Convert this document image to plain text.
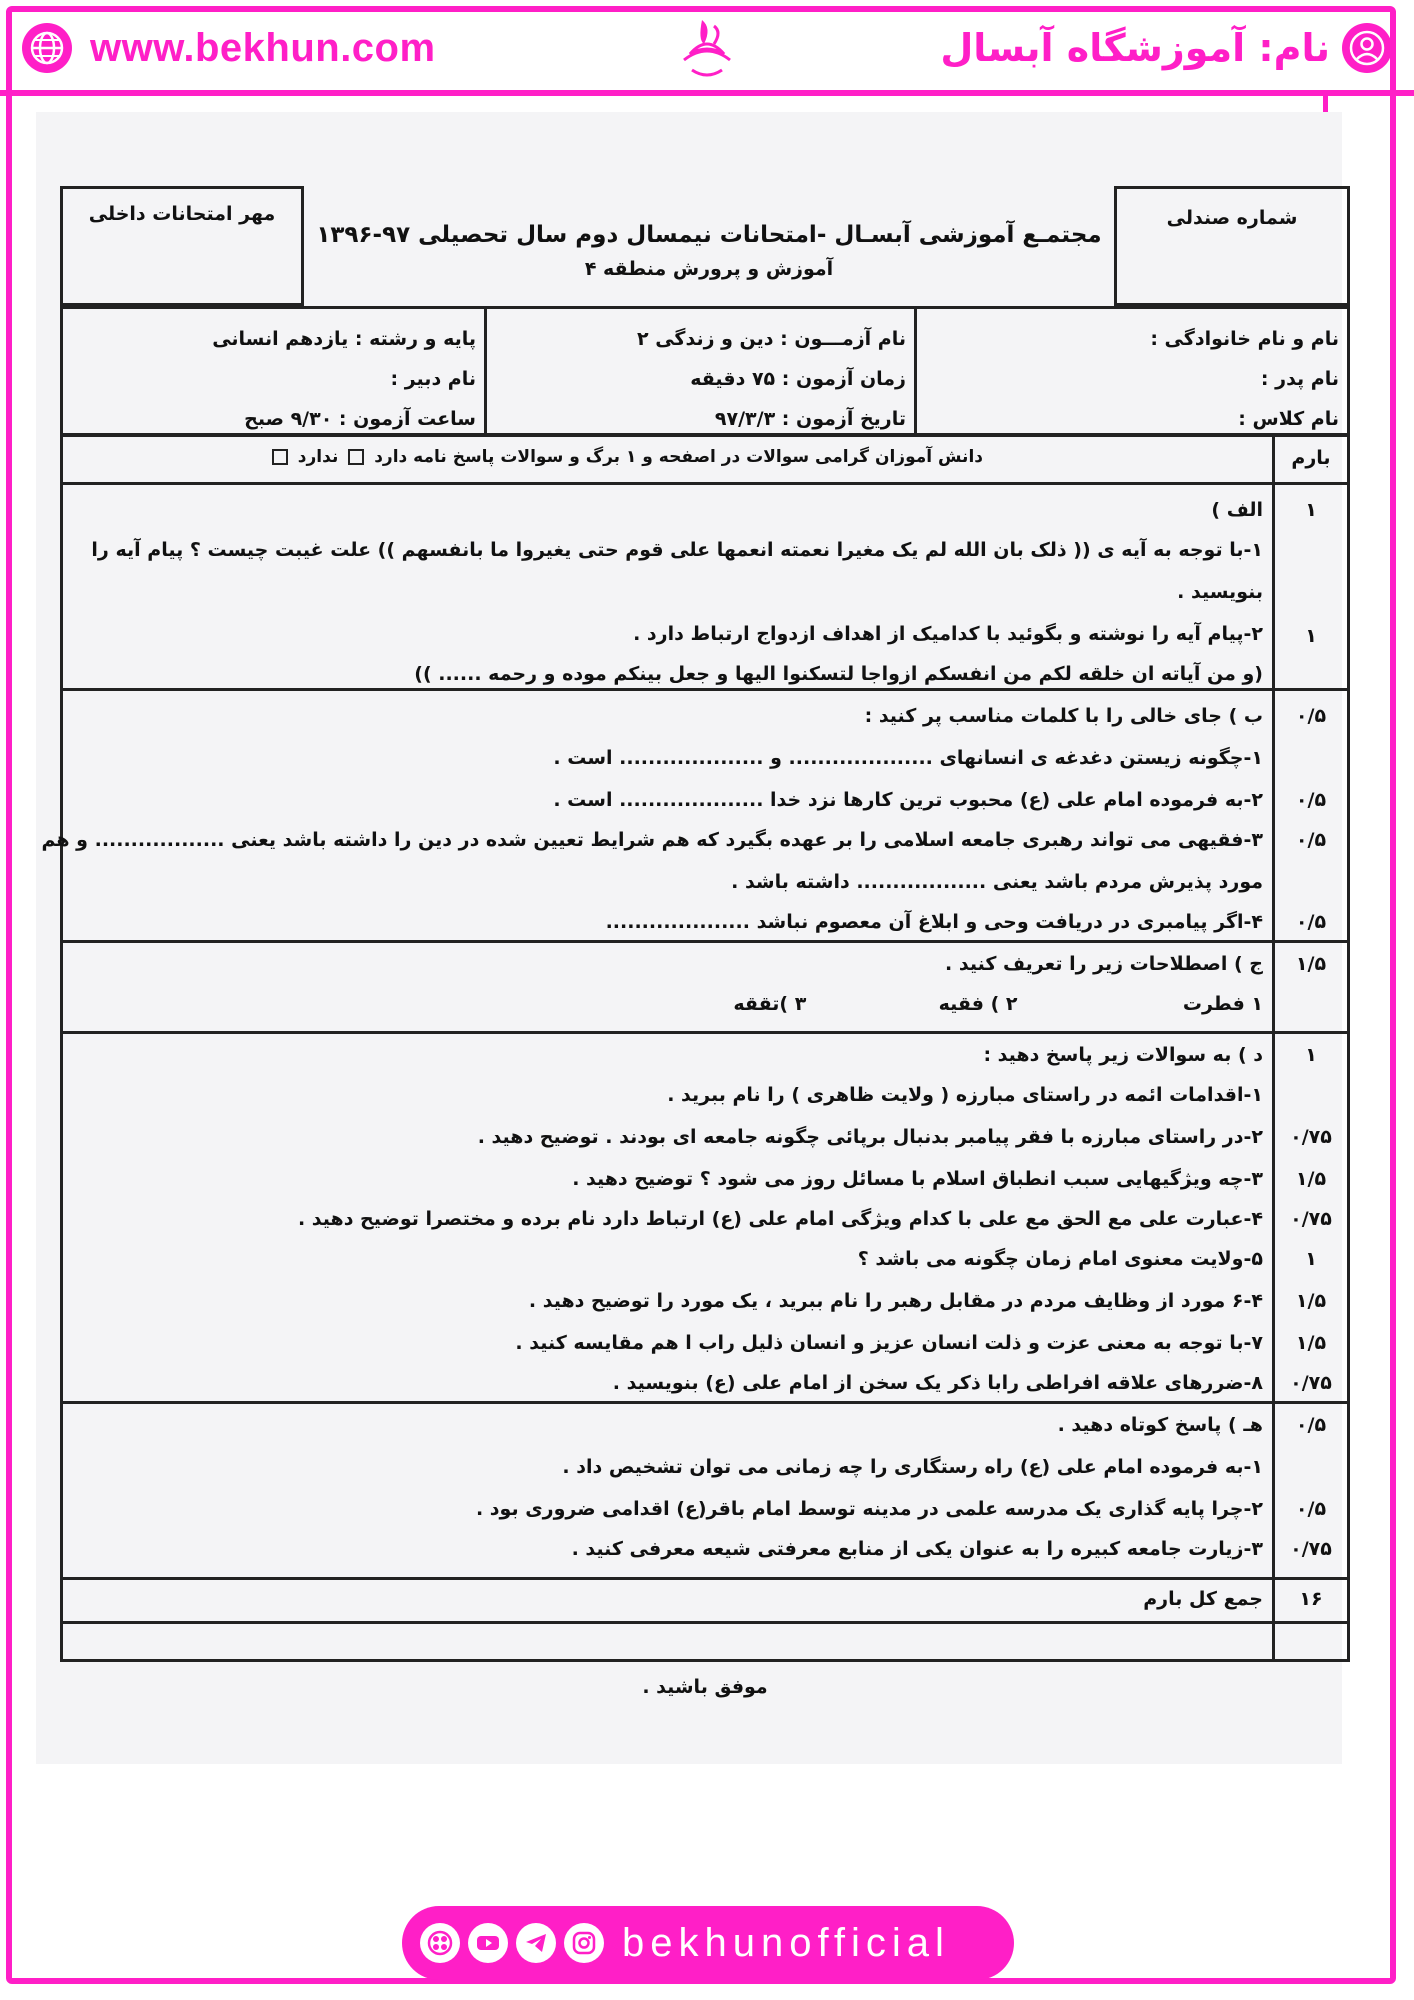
www.bekhun.com	نام: آموزشگاه آبسال
شماره صندلی
مجتمـع آموزشی آبسـال -امتحانات نیمسال دوم سال تحصیلی ۹۷-۱۳۹۶
آموزش و پرورش منطقه ۴
مهر امتحانات داخلی
نام و نام خانوادگی :
نام پدر :
نام کلاس :
نام آزمـــون : دین و زندگی ۲
زمان آزمون : ۷۵ دقیقه
تاریخ آزمون : ۹۷/۳/۳
پایه و رشته : یازدهم انسانی
نام دبیر :
ساعت آزمون : ۹/۳۰ صبح
بارم
دانش آموزان گرامی سوالات در اصفحه و ۱ برگ و سوالات پاسخ نامه دارد  ندارد
۱
۱
الف )
۱-با توجه به آیه ی (( ذلک بان الله لم یک مغیرا نعمته انعمها علی قوم حتی یغیروا ما بانفسهم )) علت غیبت چیست ؟ پیام آیه را
بنویسید .
۲-پیام آیه را نوشته و بگوئید با کدامیک از اهداف ازدواج ارتباط دارد .
(و من آیاته ان خلقه لکم من انفسکم ازواجا لتسکنوا الیها و جعل بینکم موده و رحمه ...... ))
۰/۵
۰/۵
۰/۵
۰/۵
ب ) جای خالی را با کلمات مناسب پر کنید :
۱-چگونه زیستن دغدغه ی انسانهای .................... و .................... است .
۲-به فرموده امام علی (ع) محبوب ترین کارها نزد خدا .................... است .
۳-فقیهی می تواند رهبری جامعه اسلامی را بر عهده بگیرد که هم شرایط تعیین شده در دین را داشته باشد یعنی .................. و هم
مورد پذیرش مردم باشد یعنی .................. داشته باشد .
۴-اگر پیامبری در دریافت وحی و ابلاغ آن معصوم نباشد ....................
۱/۵
ج ) اصطلاحات زیر را تعریف کنید .
۱ فطرت                         ۲ ) فقیه                    ۳ )تققه
۱
۰/۷۵
۱/۵
۰/۷۵
۱
۱/۵
۱/۵
۰/۷۵
د ) به سوالات زیر پاسخ دهید :
۱-اقدامات ائمه در راستای مبارزه ( ولایت ظاهری ) را نام ببرید .
۲-در راستای مبارزه با فقر پیامبر بدنبال برپائی چگونه جامعه ای بودند . توضیح دهید .
۳-چه ویژگیهایی سبب انطباق اسلام با مسائل روز می شود ؟ توضیح دهید .
۴-عبارت علی مع الحق مع علی با کدام ویژگی امام علی (ع) ارتباط دارد نام برده و مختصرا توضیح دهید .
۵-ولایت معنوی امام زمان چگونه می باشد ؟
۶-۴ مورد از وظایف مردم در مقابل رهبر را نام ببرید ، یک مورد را توضیح دهید .
۷-با توجه به معنی عزت و ذلت انسان عزیز و انسان ذلیل راب ا هم مقایسه کنید .
۸-ضررهای علاقه افراطی رابا ذکر یک سخن از امام علی (ع) بنویسید .
۰/۵
۰/۵
۰/۷۵
هـ ) پاسخ کوتاه دهید .
۱-به فرموده امام علی (ع) راه رستگاری را چه زمانی می توان تشخیص داد .
۲-چرا پایه گذاری یک مدرسه علمی در مدینه توسط امام باقر(ع) اقدامی ضروری بود .
۳-زیارت جامعه کبیره را به عنوان یکی از منابع معرفتی شیعه معرفی کنید .
۱۶
جمع کل بارم
موفق باشید .
bekhunofficial
